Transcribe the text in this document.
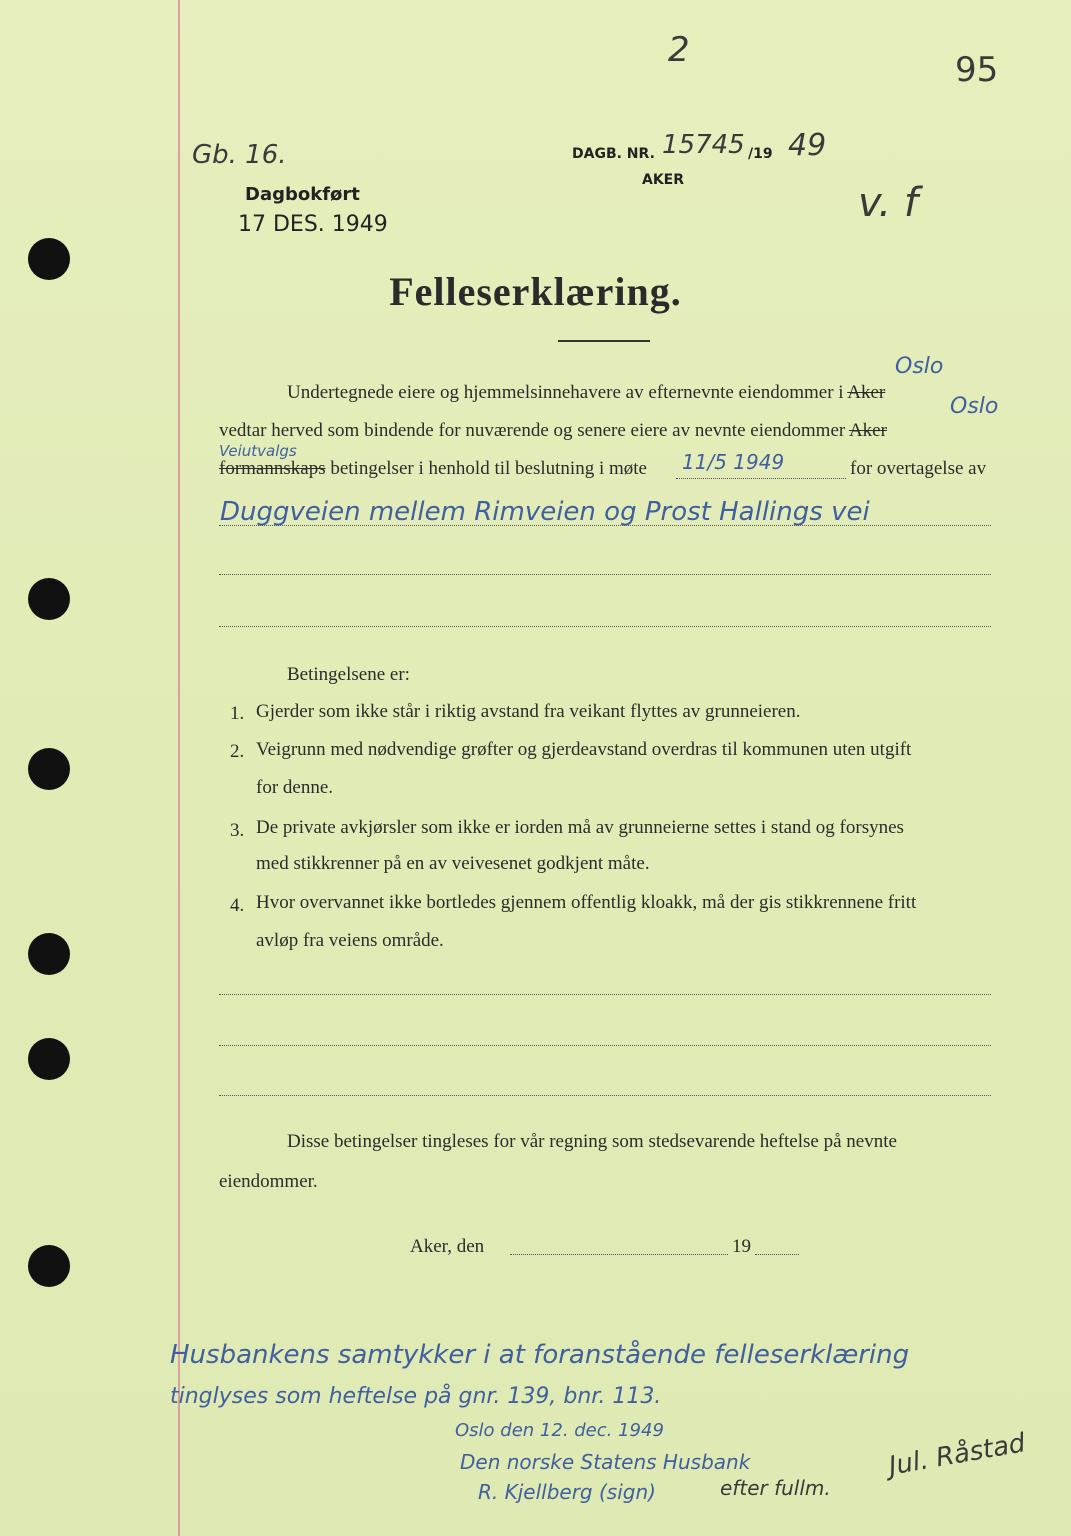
Gb. 16.
2	95
DAGB. NR. 15745 /19 49
AKER
Dagbokført
17 DES. 1949	v. f
Felleserklæring.
Oslo
Undertegnede eiere og hjemmelsinnehavere av efternevnte eiendommer i Aker
Oslo
vedtar herved som bindende for nuværende og senere eiere av nevnte eiendommer Aker
Veiutvalgs
formannskaps betingelser i henhold til beslutning i møte 11/5 1949	for overtagelse av
Duggveien mellem Rimveien og Prost Hallings vei
Betingelsene er:
1. Gjerder som ikke står i riktig avstand fra veikant flyttes av grunneieren.
2. Veigrunn med nødvendige grøfter og gjerdeavstand overdras til kommunen uten utgift
for denne.
3. De private avkjørsler som ikke er iorden må av grunneierne settes i stand og forsynes
med stikkrenner på en av veivesenet godkjent måte.
4. Hvor overvannet ikke bortledes gjennem offentlig kloakk, må der gis stikkrennene fritt
avløp fra veiens område.
Disse betingelser tingleses for vår regning som stedsevarende heftelse på nevnte
eiendommer.
Aker, den	19
Husbankens samtykker i at foranstående felleserklæring
tinglyses som heftelse på gnr. 139, bnr. 113.
Oslo den 12. dec. 1949
Den norske Statens Husbank
R. Kjellberg (sign)	efter fullm.
Jul. Råstad
